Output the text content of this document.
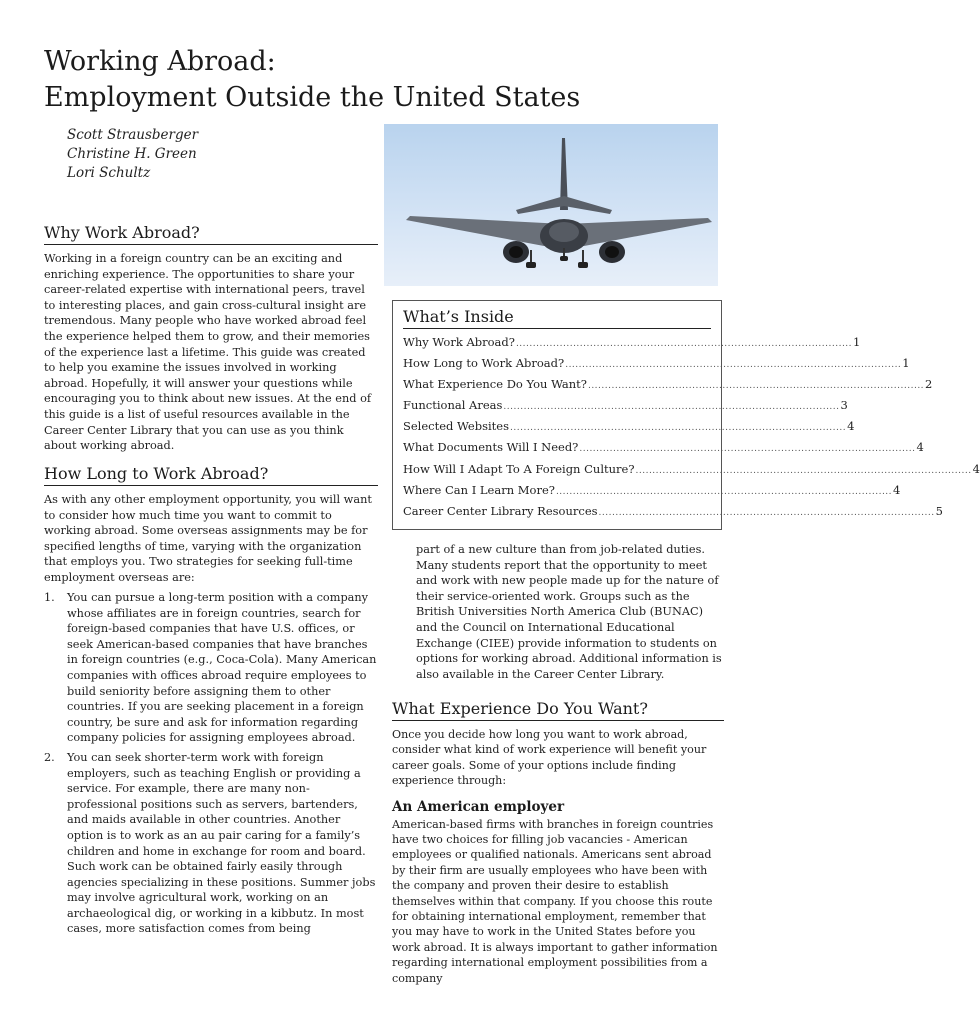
Working Abroad:
Employment Outside the United States
Scott Strausberger
Christine H. Green
Lori Schultz
Why Work Abroad?

Working in a foreign country can be an exciting and enriching experience. The opportunities to share your career-related expertise with international peers, travel to interesting places, and gain cross-cultural insight are tremendous. Many people who have worked abroad feel the experience helped them to grow, and their memories of the experience last a lifetime. This guide was created to help you examine the issues involved in working abroad. Hopefully, it will answer your questions while encouraging you to think about new issues. At the end of this guide is a list of useful resources available in the Career Center Library that you can use as you think about working abroad.

How Long to Work Abroad?

As with any other employment opportunity, you will want to consider how much time you want to commit to working abroad. Some overseas assignments may be for specified lengths of time, varying with the organization that employs you. Two strategies for seeking full-time employment overseas are:

1.	You can pursue a long-term position with a company whose affiliates are in foreign countries, search for foreign-based companies that have U.S. offices, or seek American-based companies that have branches in foreign countries (e.g., Coca-Cola). Many American companies with offices abroad require employees to build seniority before assigning them to other countries. If you are seeking placement in a foreign country, be sure and ask for information regarding company policies for assigning employees abroad.
2.	You can seek shorter-term work with foreign employers, such as teaching English or providing a service. For example, there are many non-professional positions such as servers, bartenders, and maids available in other countries. Another option is to work as an au pair caring for a family’s children and home in exchange for room and board. Such work can be obtained fairly easily through agencies specializing in these positions. Summer jobs may involve agricultural work, working on an archaeological dig, or working in a kibbutz. In most cases, more satisfaction comes from being
What’s Inside
Why Work Abroad? .................................................................................................... 1
How Long to Work Abroad? .................................................................................................... 1
What Experience Do You Want? .................................................................................................... 2
Functional Areas .................................................................................................... 3
Selected Websites .................................................................................................... 4
What Documents Will I Need? .................................................................................................... 4
How Will I Adapt To A Foreign Culture? .................................................................................................... 4
Where Can I Learn More? .................................................................................................... 4
Career Center Library Resources .................................................................................................... 5

part of a new culture than from job-related duties. Many students report that the opportunity to meet and work with new people made up for the nature of their service-oriented work. Groups such as the British Universities North America Club (BUNAC) and the Council on International Educational Exchange (CIEE) provide information to students on options for working abroad. Additional information is also available in the Career Center Library.

What Experience Do You Want?

Once you decide how long you want to work abroad, consider what kind of work experience will benefit your career goals. Some of your options include finding experience through:

An American employer

American-based firms with branches in foreign countries have two choices for filling job vacancies - American employees or qualified nationals. Americans sent abroad by their firm are usually employees who have been with the company and proven their desire to establish themselves within that company. If you choose this route for obtaining international employment, remember that you may have to work in the United States before you work abroad. It is always important to gather information regarding international employment possibilities from a company
